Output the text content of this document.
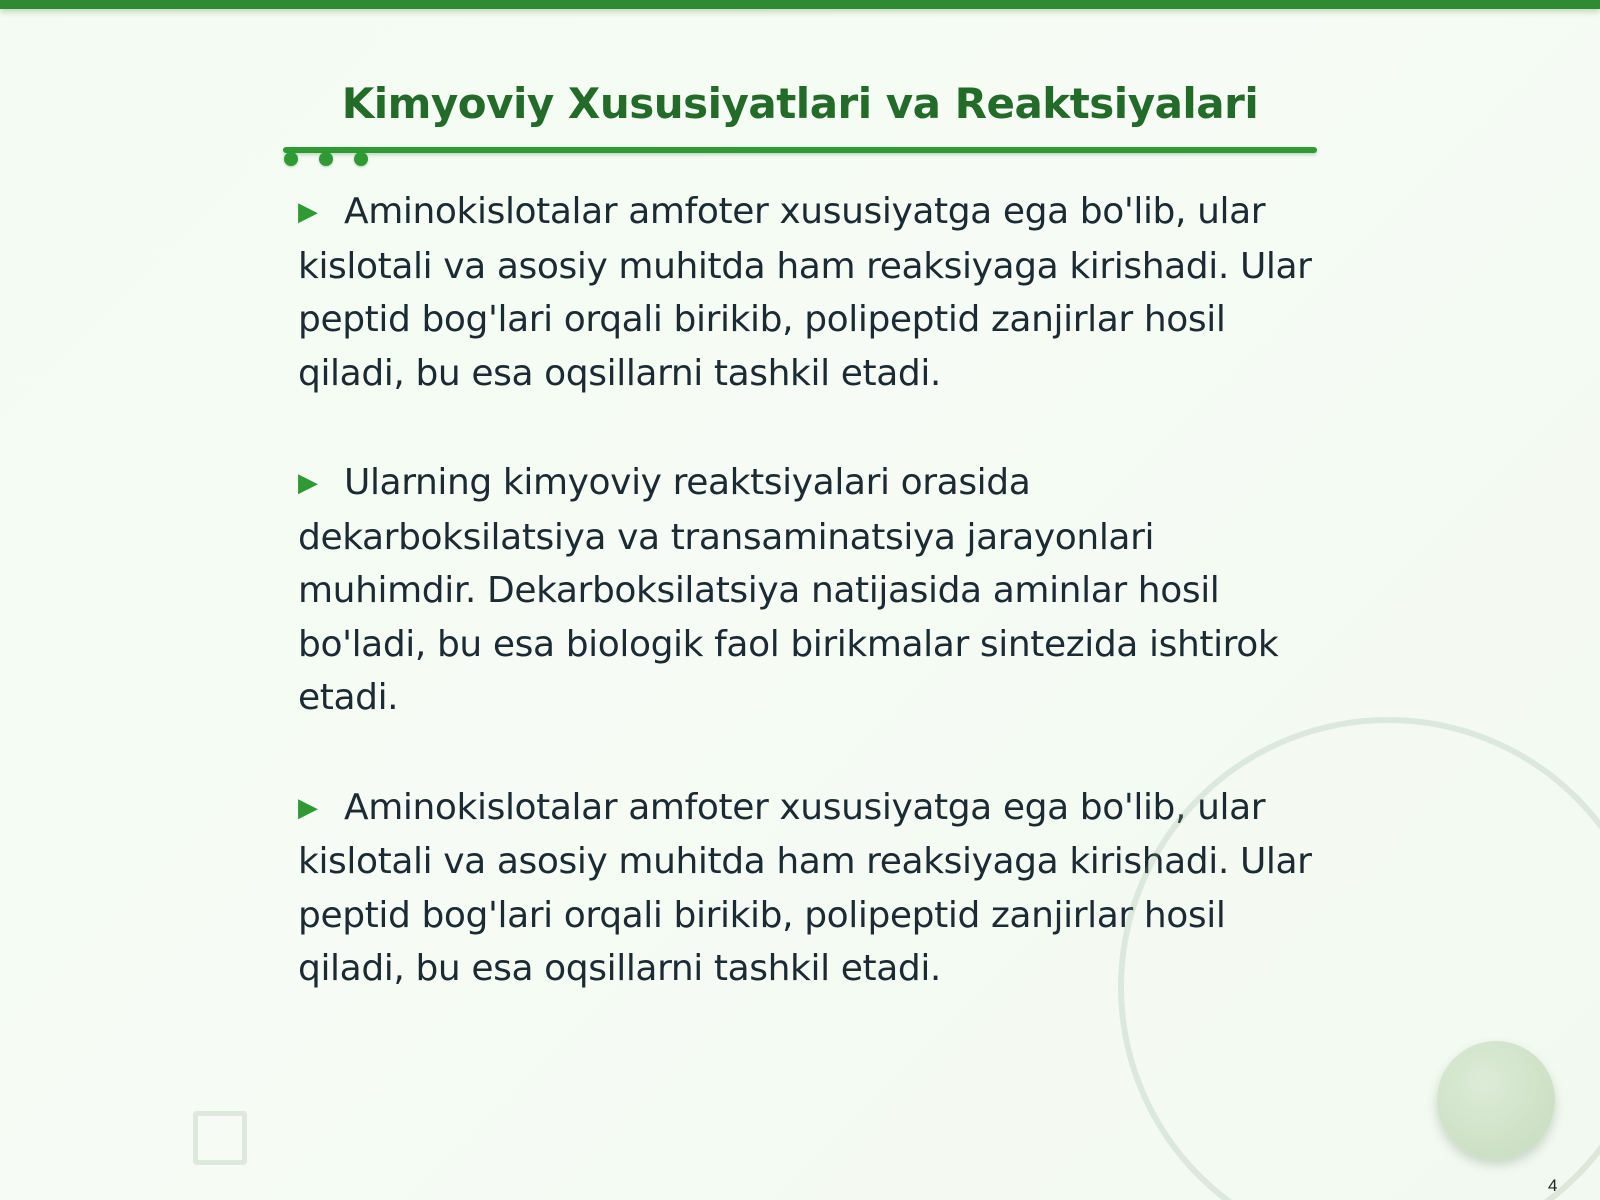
Kimyoviy Xususiyatlari va Reaktsiyalari

▶ Aminokislotalar amfoter xususiyatga ega bo'lib, ular kislotali va asosiy muhitda ham reaksiyaga kirishadi. Ular peptid bog'lari orqali birikib, polipeptid zanjirlar hosil qiladi, bu esa oqsillarni tashkil etadi.

▶ Ularning kimyoviy reaktsiyalari orasida dekarboksilatsiya va transaminatsiya jarayonlari muhimdir. Dekarboksilatsiya natijasida aminlar hosil bo'ladi, bu esa biologik faol birikmalar sintezida ishtirok etadi.

▶ Aminokislotalar amfoter xususiyatga ega bo'lib, ular kislotali va asosiy muhitda ham reaksiyaga kirishadi. Ular peptid bog'lari orqali birikib, polipeptid zanjirlar hosil qiladi, bu esa oqsillarni tashkil etadi.

4
